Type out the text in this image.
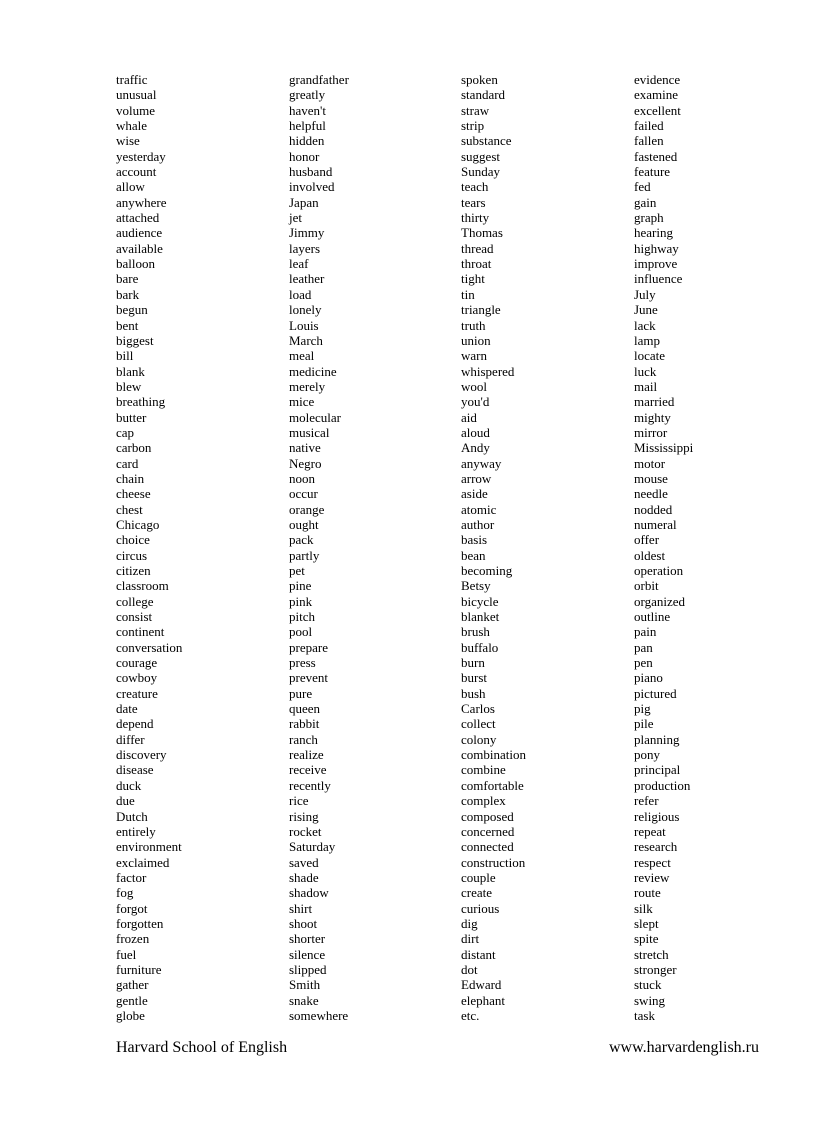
traffic
unusual
volume
whale
wise
yesterday
account
allow
anywhere
attached
audience
available
balloon
bare
bark
begun
bent
biggest
bill
blank
blew
breathing
butter
cap
carbon
card
chain
cheese
chest
Chicago
choice
circus
citizen
classroom
college
consist
continent
conversation
courage
cowboy
creature
date
depend
differ
discovery
disease
duck
due
Dutch
entirely
environment
exclaimed
factor
fog
forgot
forgotten
frozen
fuel
furniture
gather
gentle
globe
grandfather
greatly
haven't
helpful
hidden
honor
husband
involved
Japan
jet
Jimmy
layers
leaf
leather
load
lonely
Louis
March
meal
medicine
merely
mice
molecular
musical
native
Negro
noon
occur
orange
ought
pack
partly
pet
pine
pink
pitch
pool
prepare
press
prevent
pure
queen
rabbit
ranch
realize
receive
recently
rice
rising
rocket
Saturday
saved
shade
shadow
shirt
shoot
shorter
silence
slipped
Smith
snake
somewhere
spoken
standard
straw
strip
substance
suggest
Sunday
teach
tears
thirty
Thomas
thread
throat
tight
tin
triangle
truth
union
warn
whispered
wool
you'd
aid
aloud
Andy
anyway
arrow
aside
atomic
author
basis
bean
becoming
Betsy
bicycle
blanket
brush
buffalo
burn
burst
bush
Carlos
collect
colony
combination
combine
comfortable
complex
composed
concerned
connected
construction
couple
create
curious
dig
dirt
distant
dot
Edward
elephant
etc.
evidence
examine
excellent
failed
fallen
fastened
feature
fed
gain
graph
hearing
highway
improve
influence
July
June
lack
lamp
locate
luck
mail
married
mighty
mirror
Mississippi
motor
mouse
needle
nodded
numeral
offer
oldest
operation
orbit
organized
outline
pain
pan
pen
piano
pictured
pig
pile
planning
pony
principal
production
refer
religious
repeat
research
respect
review
route
silk
slept
spite
stretch
stronger
stuck
swing
task
Harvard School of English	www.harvardenglish.ru
